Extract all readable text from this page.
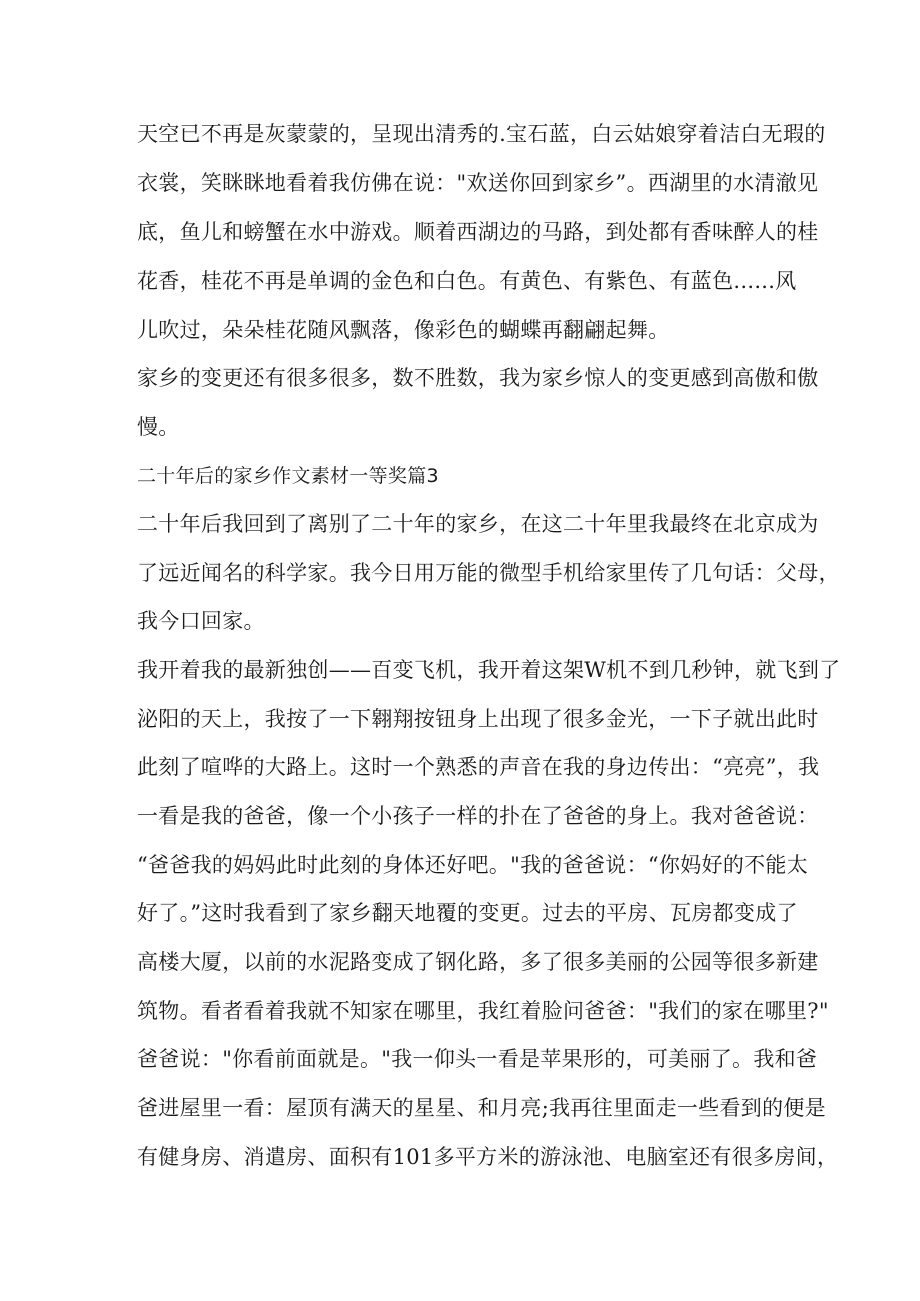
天空已不再是灰蒙蒙的，呈现出清秀的.宝石蓝，白云姑娘穿着洁白无瑕的
衣裳，笑眯眯地看着我仿佛在说："欢送你回到家乡”。西湖里的水清澈见
底，鱼儿和螃蟹在水中游戏。顺着西湖边的马路，到处都有香味醉人的桂
花香，桂花不再是单调的金色和白色。有黄色、有紫色、有蓝色......风
儿吹过，朵朵桂花随风飘落，像彩色的蝴蝶再翻翩起舞。
家乡的变更还有很多很多，数不胜数，我为家乡惊人的变更感到高傲和傲
慢。
二十年后的家乡作文素材一等奖篇3
二十年后我回到了离别了二十年的家乡，在这二十年里我最终在北京成为
了远近闻名的科学家。我今日用万能的微型手机给家里传了几句话：父母，
我今口回家。
我开着我的最新独创——百变飞机，我开着这架W机不到几秒钟，就飞到了
泌阳的天上，我按了一下翱翔按钮身上出现了很多金光，一下子就出此时
此刻了喧哗的大路上。这时一个熟悉的声音在我的身边传出：“亮亮”，我
一看是我的爸爸，像一个小孩子一样的扑在了爸爸的身上。我对爸爸说：
“爸爸我的妈妈此时此刻的身体还好吧。"我的爸爸说：“你妈好的不能太
好了。”这时我看到了家乡翻天地覆的变更。过去的平房、瓦房都变成了
高楼大厦，以前的水泥路变成了钢化路，多了很多美丽的公园等很多新建
筑物。看者看着我就不知家在哪里，我红着脸问爸爸："我们的家在哪里?"
爸爸说："你看前面就是。"我一仰头一看是苹果形的，可美丽了。我和爸
爸进屋里一看：屋顶有满天的星星、和月亮;我再往里面走一些看到的便是
有健身房、消遣房、面积有101多平方米的游泳池、电脑室还有很多房间，
